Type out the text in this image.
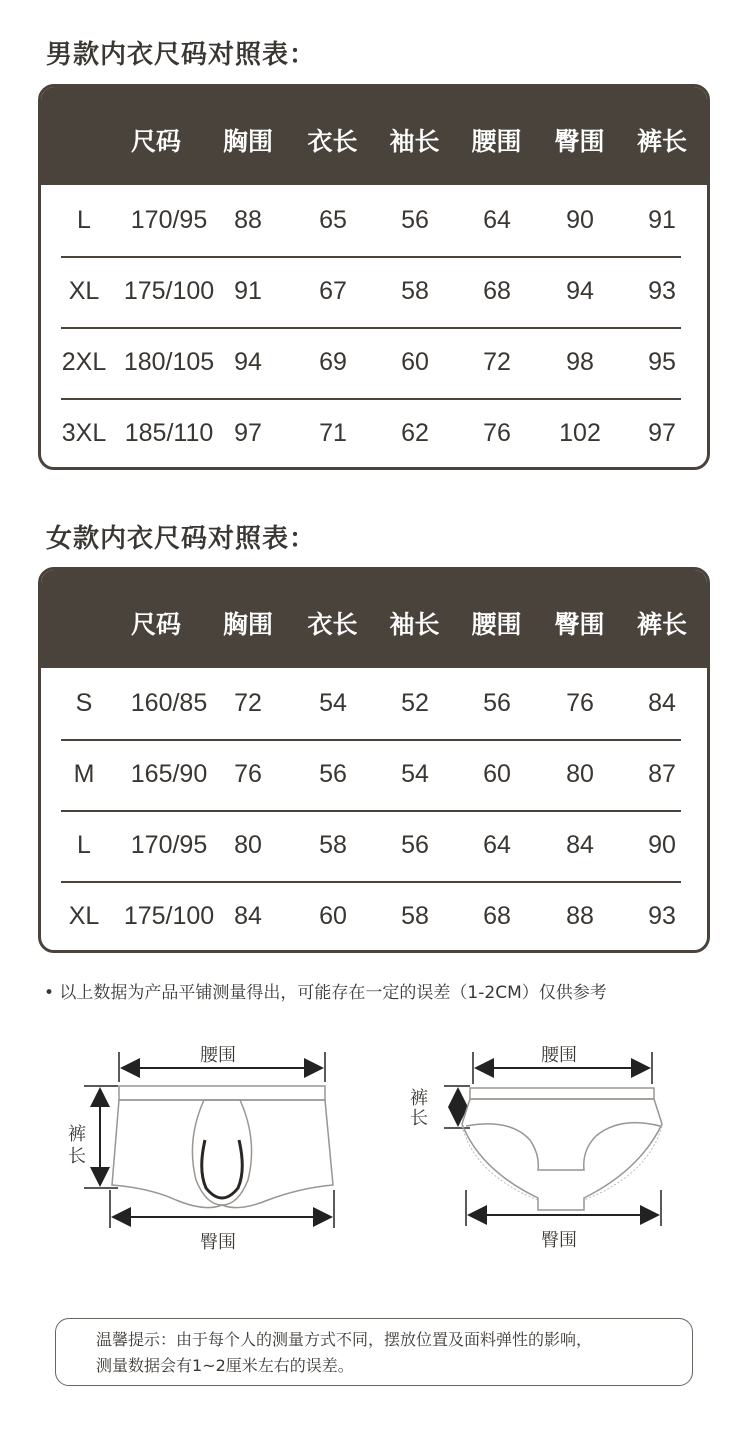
男款内衣尺码对照表：
尺码	胸围 衣长 袖长 腰围 臀围 裤长
L	170/95	88	65	56	64	90	91
XL 175/100 91	67	58	68	94	93
2XL 180/105 94	69	60	72	98	95
3XL 185/110 97	71	62	76	102	97
女款内衣尺码对照表：
尺码	胸围 衣长 袖长 腰围 臀围 裤长
S	160/85	72	54	52	56	76	84
M	165/90	76	56	54	60	80	87
L	170/95	80	58	56	64	84	90
XL 175/100 84	60	58	68	88	93
• 以上数据为产品平铺测量得出，可能存在一定的误差（1-2CM）仅供参考
腰围
裤
长
臀围
腰围
裤
长
臀围
温馨提示：由于每个人的测量方式不同，摆放位置及面料弹性的影响，
测量数据会有1~2厘米左右的误差。
